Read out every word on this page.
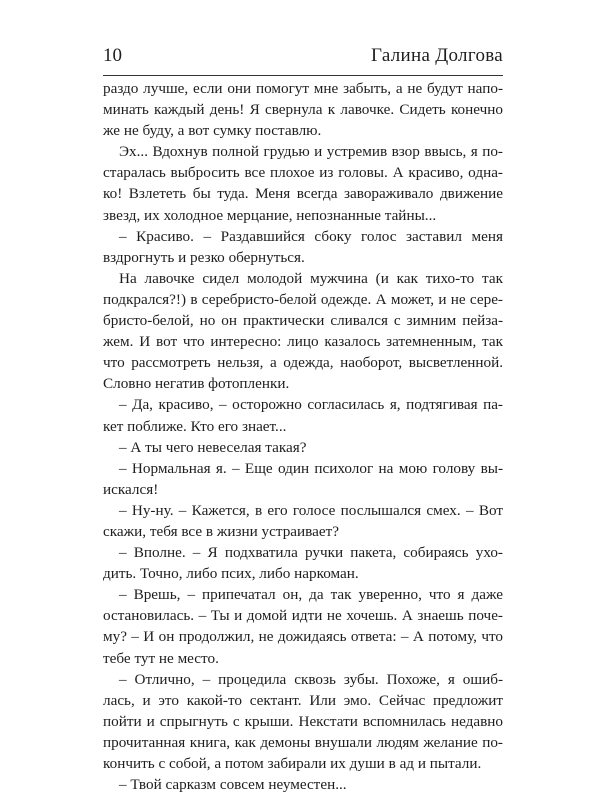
10	Галина Долгова
раздо лучше, если они помогут мне забыть, а не будут напо-
минать каждый день! Я свернула к лавочке. Сидеть конечно
же не буду, а вот сумку поставлю.
Эх... Вдохнув полной грудью и устремив взор ввысь, я по-
старалась выбросить все плохое из головы. А красиво, одна-
ко! Взлететь бы туда. Меня всегда завораживало движение
звезд, их холодное мерцание, непознанные тайны...
– Красиво. – Раздавшийся сбоку голос заставил меня
вздрогнуть и резко обернуться.
На лавочке сидел молодой мужчина (и как тихо-то так
подкрался?!) в серебристо-белой одежде. А может, и не сере-
бристо-белой, но он практически сливался с зимним пейза-
жем. И вот что интересно: лицо казалось затемненным, так
что рассмотреть нельзя, а одежда, наоборот, высветленной.
Словно негатив фотопленки.
– Да, красиво, – осторожно согласилась я, подтягивая па-
кет поближе. Кто его знает...
– А ты чего невеселая такая?
– Нормальная я. – Еще один психолог на мою голову вы-
искался!
– Ну-ну. – Кажется, в его голосе послышался смех. – Вот
скажи, тебя все в жизни устраивает?
– Вполне. – Я подхватила ручки пакета, собираясь ухо-
дить. Точно, либо псих, либо наркоман.
– Врешь, – припечатал он, да так уверенно, что я даже
остановилась. – Ты и домой идти не хочешь. А знаешь поче-
му? – И он продолжил, не дожидаясь ответа: – А потому, что
тебе тут не место.
– Отлично, – процедила сквозь зубы. Похоже, я ошиб-
лась, и это какой-то сектант. Или эмо. Сейчас предложит
пойти и спрыгнуть с крыши. Некстати вспомнилась недавно
прочитанная книга, как демоны внушали людям желание по-
кончить с собой, а потом забирали их души в ад и пытали.
– Твой сарказм совсем неуместен...
